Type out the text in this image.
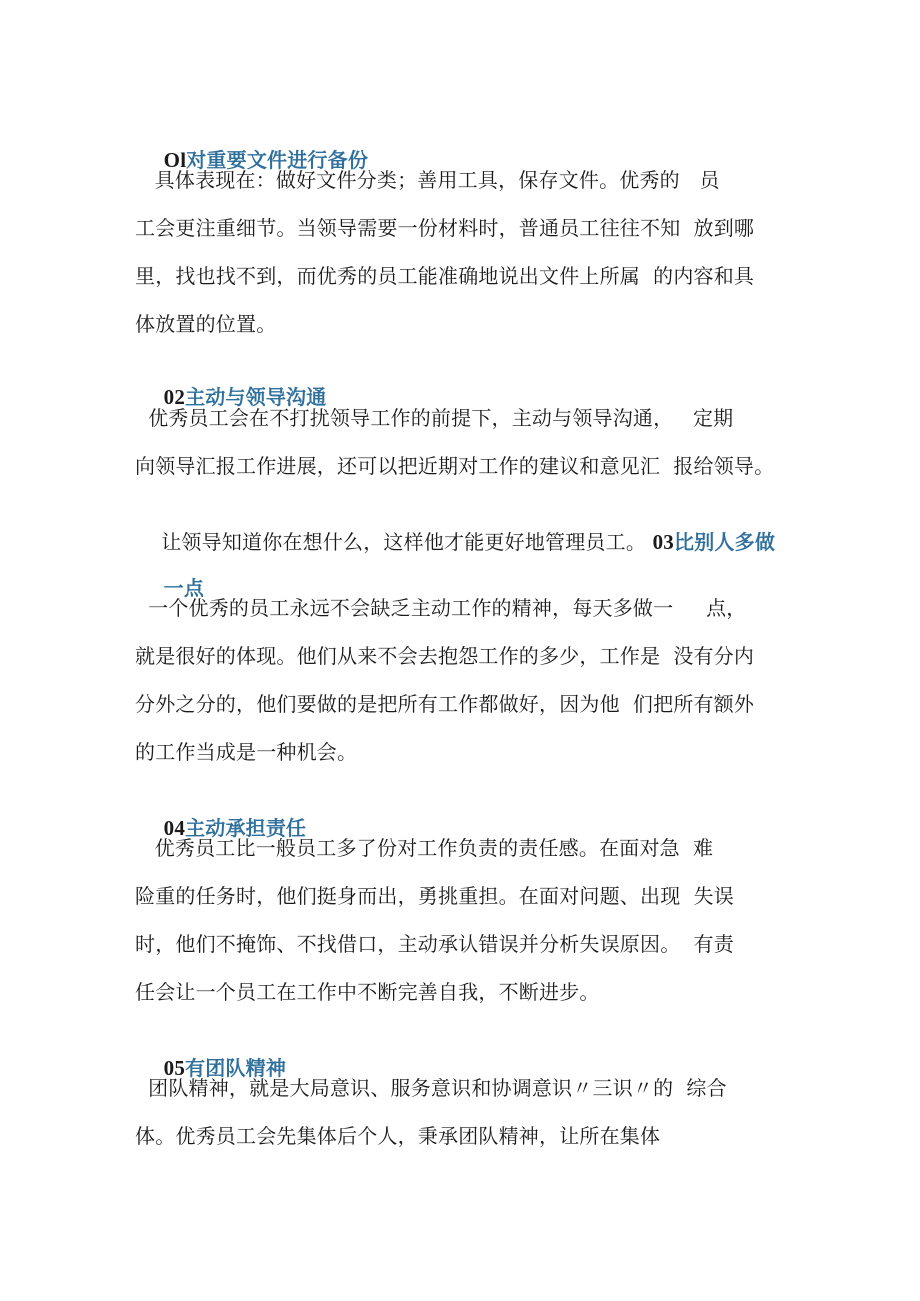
Ol对重要文件进行备份

具体表现在：做好文件分类；善用工具，保存文件。优秀的   员
工会更注重细节。当领导需要一份材料时，普通员工往往不知  放到哪
里，找也找不到，而优秀的员工能准确地说出文件上所属  的内容和具
体放置的位置。

02主动与领导沟通

优秀员工会在不打扰领导工作的前提下，主动与领导沟通，   定期
向领导汇报工作进展，还可以把近期对工作的建议和意见汇  报给领导。

让领导知道你在想什么，这样他才能更好地管理员工。 03比别人多做

一点

一个优秀的员工永远不会缺乏主动工作的精神，每天多做一     点，
就是很好的体现。他们从来不会去抱怨工作的多少，工作是  没有分内
分外之分的，他们要做的是把所有工作都做好，因为他  们把所有额外
的工作当成是一种机会。

04主动承担责任

优秀员工比一般员工多了份对工作负责的责任感。在面对急  难
险重的任务时，他们挺身而出，勇挑重担。在面对问题、出现  失误
时，他们不掩饰、不找借口，主动承认错误并分析失误原因。  有责
任会让一个员工在工作中不断完善自我，不断进步。

05有团队精神

团队精神，就是大局意识、服务意识和协调意识〃三识〃的  综合
体。优秀员工会先集体后个人，秉承团队精神，让所在集体
